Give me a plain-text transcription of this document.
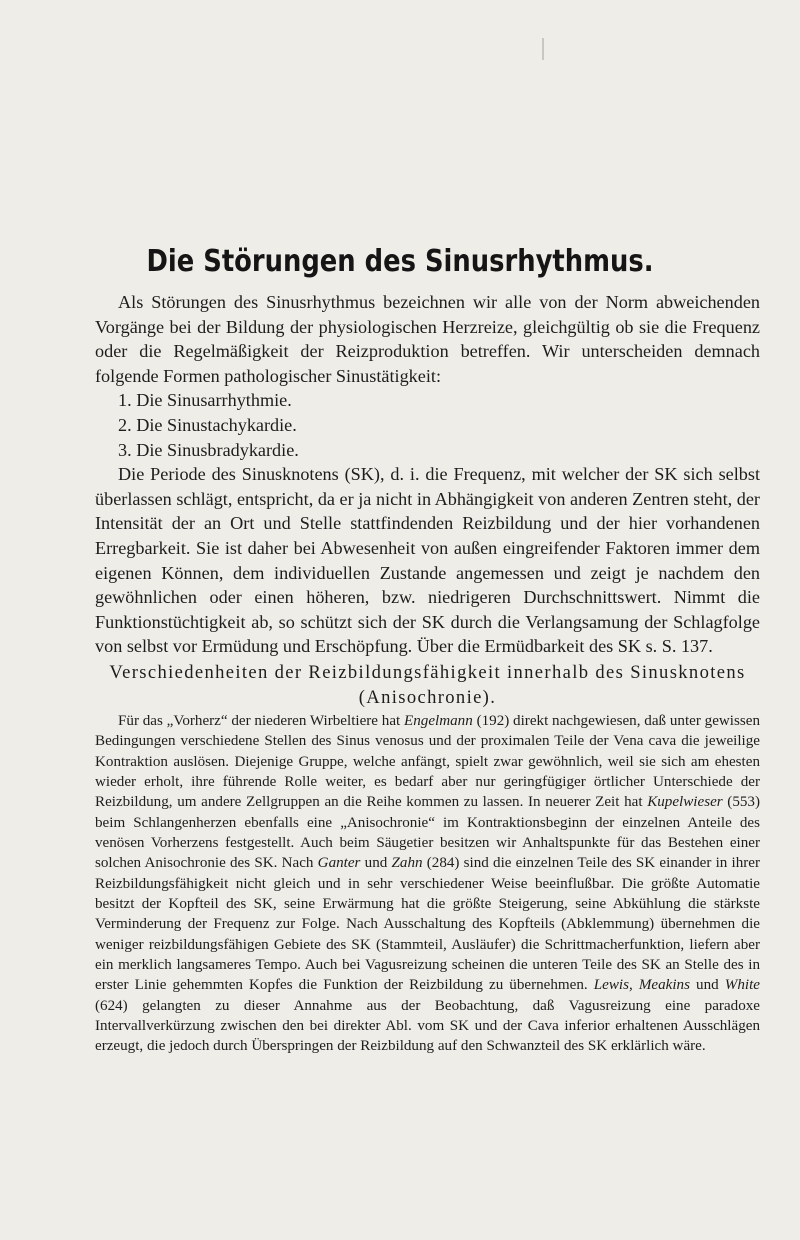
Die Störungen des Sinusrhythmus.

Als Störungen des Sinusrhythmus bezeichnen wir alle von der Norm abweichenden Vorgänge bei der Bildung der physiologischen Herzreize, gleichgültig ob sie die Frequenz oder die Regelmäßigkeit der Reizproduktion betreffen. Wir unterscheiden demnach folgende Formen pathologischer Sinustätigkeit:

1. Die Sinusarrhythmie.
2. Die Sinustachykardie.
3. Die Sinusbradykardie.

Die Periode des Sinusknotens (SK), d. i. die Frequenz, mit welcher der SK sich selbst überlassen schlägt, entspricht, da er ja nicht in Abhängigkeit von anderen Zentren steht, der Intensität der an Ort und Stelle stattfindenden Reizbildung und der hier vorhandenen Erregbarkeit. Sie ist daher bei Abwesenheit von außen eingreifender Faktoren immer dem eigenen Können, dem individuellen Zustande angemessen und zeigt je nachdem den gewöhnlichen oder einen höheren, bzw. niedrigeren Durchschnittswert. Nimmt die Funktionstüchtigkeit ab, so schützt sich der SK durch die Verlangsamung der Schlagfolge von selbst vor Ermüdung und Erschöpfung. Über die Ermüdbarkeit des SK s. S. 137.

Verschiedenheiten der Reizbildungsfähigkeit innerhalb des Sinusknotens (Anisochronie).

Für das „Vorherz“ der niederen Wirbeltiere hat Engelmann (192) direkt nachgewiesen, daß unter gewissen Bedingungen verschiedene Stellen des Sinus venosus und der proximalen Teile der Vena cava die jeweilige Kontraktion auslösen. Diejenige Gruppe, welche anfängt, spielt zwar gewöhnlich, weil sie sich am ehesten wieder erholt, ihre führende Rolle weiter, es bedarf aber nur geringfügiger örtlicher Unterschiede der Reizbildung, um andere Zellgruppen an die Reihe kommen zu lassen. In neuerer Zeit hat Kupelwieser (553) beim Schlangenherzen ebenfalls eine „Anisochronie“ im Kontraktionsbeginn der einzelnen Anteile des venösen Vorherzens festgestellt. Auch beim Säugetier besitzen wir Anhaltspunkte für das Bestehen einer solchen Anisochronie des SK. Nach Ganter und Zahn (284) sind die einzelnen Teile des SK einander in ihrer Reizbildungsfähigkeit nicht gleich und in sehr verschiedener Weise beeinflußbar. Die größte Automatie besitzt der Kopfteil des SK, seine Erwärmung hat die größte Steigerung, seine Abkühlung die stärkste Verminderung der Frequenz zur Folge. Nach Ausschaltung des Kopfteils (Abklemmung) übernehmen die weniger reizbildungsfähigen Gebiete des SK (Stammteil, Ausläufer) die Schrittmacherfunktion, liefern aber ein merklich langsameres Tempo. Auch bei Vagusreizung scheinen die unteren Teile des SK an Stelle des in erster Linie gehemmten Kopfes die Funktion der Reizbildung zu übernehmen. Lewis, Meakins und White (624) gelangten zu dieser Annahme aus der Beobachtung, daß Vagusreizung eine paradoxe Intervallverkürzung zwischen den bei direkter Abl. vom SK und der Cava inferior erhaltenen Ausschlägen erzeugt, die jedoch durch Überspringen der Reizbildung auf den Schwanzteil des SK erklärlich wäre.
